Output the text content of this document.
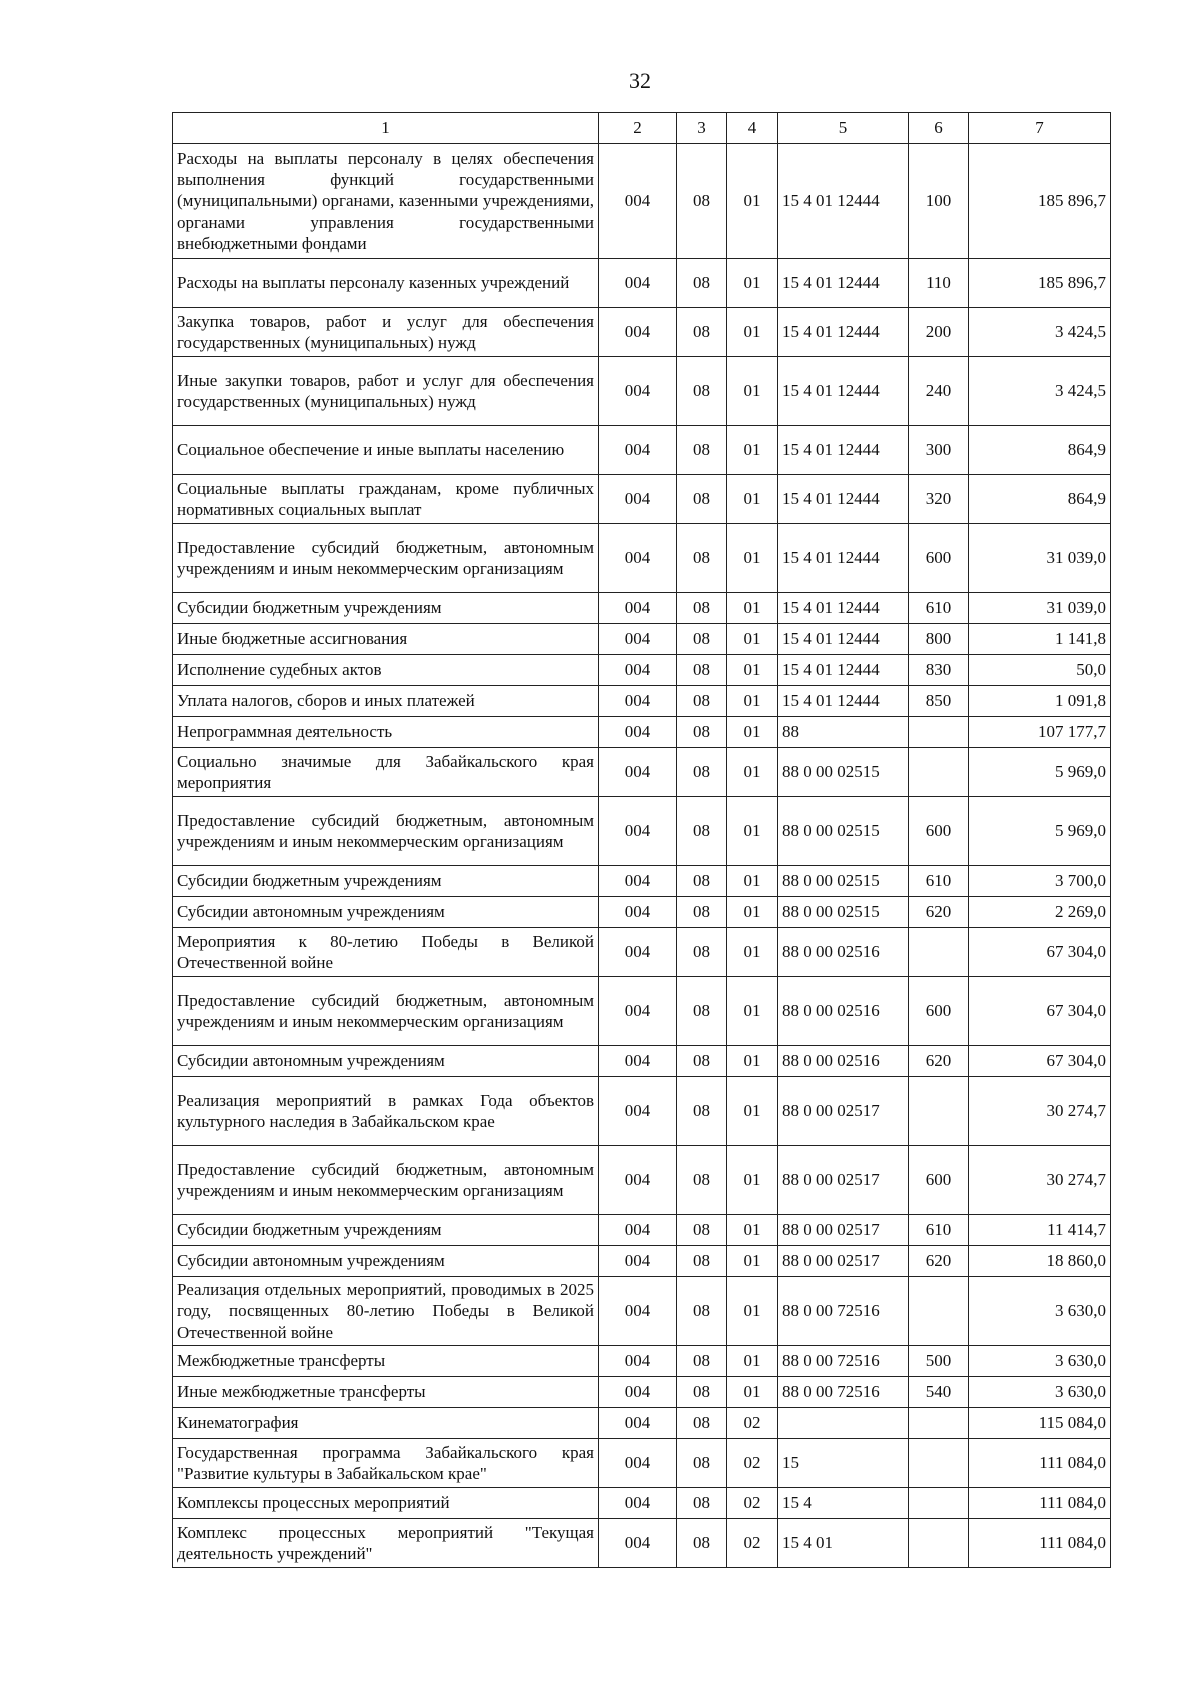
32
1	2	3	4	5	6	7
Расходы на выплаты персоналу в целях обеспечения выполнения функций государственными (муниципальными) органами, казенными учреждениями, органами управления государственными внебюджетными фондами	004	08	01	15 4 01 12444	100	185 896,7
Расходы на выплаты персоналу казенных учреждений	004	08	01	15 4 01 12444	110	185 896,7
Закупка товаров, работ и услуг для обеспечения государственных (муниципальных) нужд	004	08	01	15 4 01 12444	200	3 424,5
Иные закупки товаров, работ и услуг для обеспечения государственных (муниципальных) нужд	004	08	01	15 4 01 12444	240	3 424,5
Социальное обеспечение и иные выплаты населению	004	08	01	15 4 01 12444	300	864,9
Социальные выплаты гражданам, кроме публичных нормативных социальных выплат	004	08	01	15 4 01 12444	320	864,9
Предоставление субсидий бюджетным, автономным учреждениям и иным некоммерческим организациям	004	08	01	15 4 01 12444	600	31 039,0
Субсидии бюджетным учреждениям	004	08	01	15 4 01 12444	610	31 039,0
Иные бюджетные ассигнования	004	08	01	15 4 01 12444	800	1 141,8
Исполнение судебных актов	004	08	01	15 4 01 12444	830	50,0
Уплата налогов, сборов и иных платежей	004	08	01	15 4 01 12444	850	1 091,8
Непрограммная деятельность	004	08	01	88		107 177,7
Социально значимые для Забайкальского края мероприятия	004	08	01	88 0 00 02515		5 969,0
Предоставление субсидий бюджетным, автономным учреждениям и иным некоммерческим организациям	004	08	01	88 0 00 02515	600	5 969,0
Субсидии бюджетным учреждениям	004	08	01	88 0 00 02515	610	3 700,0
Субсидии автономным учреждениям	004	08	01	88 0 00 02515	620	2 269,0
Мероприятия к 80-летию Победы в Великой Отечественной войне	004	08	01	88 0 00 02516		67 304,0
Предоставление субсидий бюджетным, автономным учреждениям и иным некоммерческим организациям	004	08	01	88 0 00 02516	600	67 304,0
Субсидии автономным учреждениям	004	08	01	88 0 00 02516	620	67 304,0
Реализация мероприятий в рамках Года объектов культурного наследия в Забайкальском крае	004	08	01	88 0 00 02517		30 274,7
Предоставление субсидий бюджетным, автономным учреждениям и иным некоммерческим организациям	004	08	01	88 0 00 02517	600	30 274,7
Субсидии бюджетным учреждениям	004	08	01	88 0 00 02517	610	11 414,7
Субсидии автономным учреждениям	004	08	01	88 0 00 02517	620	18 860,0
Реализация отдельных мероприятий, проводимых в 2025 году, посвященных 80-летию Победы в Великой Отечественной войне	004	08	01	88 0 00 72516		3 630,0
Межбюджетные трансферты	004	08	01	88 0 00 72516	500	3 630,0
Иные межбюджетные трансферты	004	08	01	88 0 00 72516	540	3 630,0
Кинематография	004	08	02			115 084,0
Государственная программа Забайкальского края "Развитие культуры в Забайкальском крае"	004	08	02	15		111 084,0
Комплексы процессных мероприятий	004	08	02	15 4		111 084,0
Комплекс процессных мероприятий "Текущая деятельность учреждений"	004	08	02	15 4 01		111 084,0
